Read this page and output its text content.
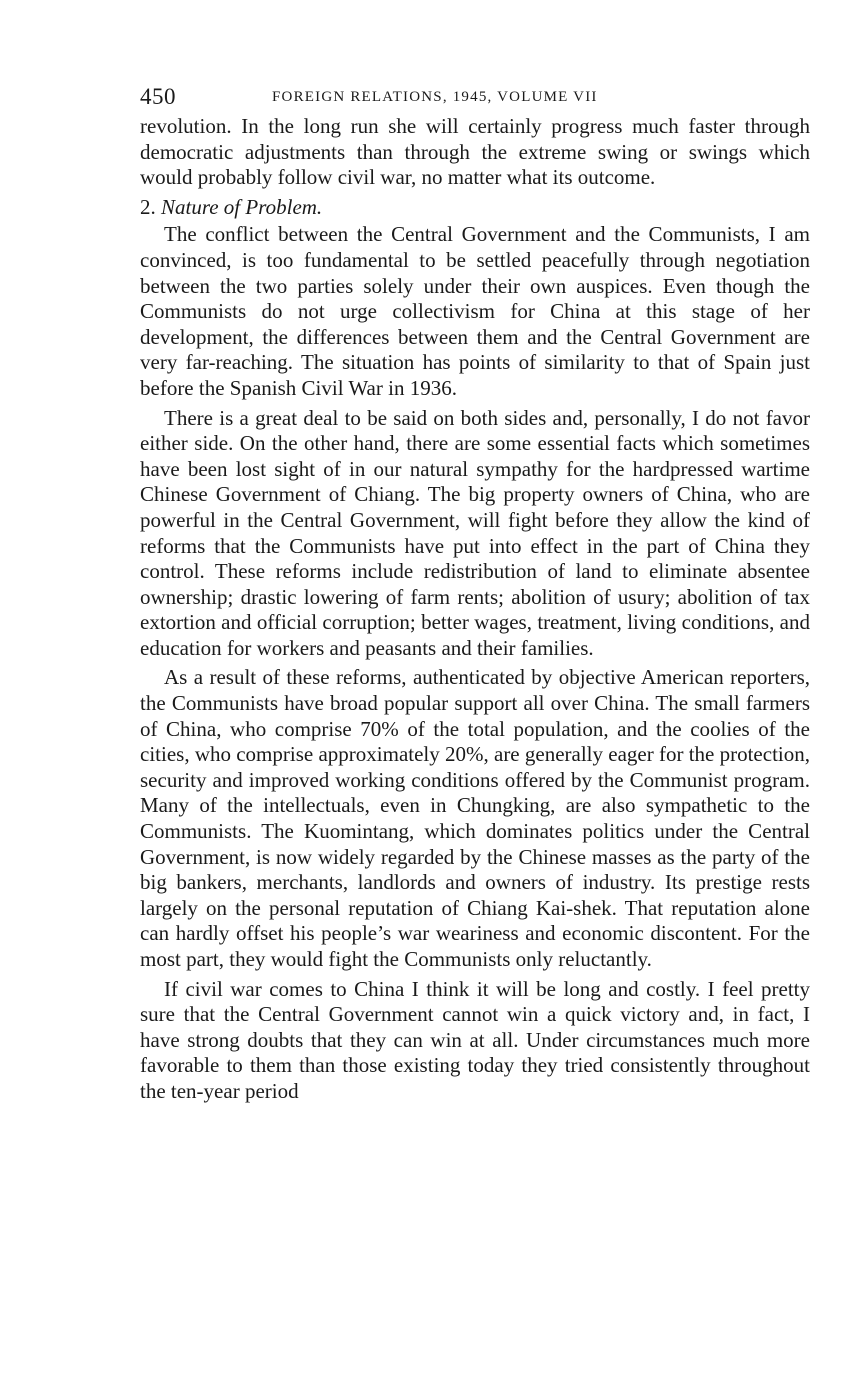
450	FOREIGN RELATIONS, 1945, VOLUME VII

revolution. In the long run she will certainly progress much faster through democratic adjustments than through the extreme swing or swings which would probably follow civil war, no matter what its outcome.

2. Nature of Problem.

The conflict between the Central Government and the Communists, I am convinced, is too fundamental to be settled peacefully through negotiation between the two parties solely under their own auspices. Even though the Communists do not urge collectivism for China at this stage of her development, the differences between them and the Central Government are very far-reaching. The situation has points of similarity to that of Spain just before the Spanish Civil War in 1936.

There is a great deal to be said on both sides and, personally, I do not favor either side. On the other hand, there are some essential facts which sometimes have been lost sight of in our natural sympathy for the hardpressed wartime Chinese Government of Chiang. The big property owners of China, who are powerful in the Central Government, will fight before they allow the kind of reforms that the Communists have put into effect in the part of China they control. These reforms include redistribution of land to eliminate absentee ownership; drastic lowering of farm rents; abolition of usury; abolition of tax extortion and official corruption; better wages, treatment, living conditions, and education for workers and peasants and their families.

As a result of these reforms, authenticated by objective American reporters, the Communists have broad popular support all over China. The small farmers of China, who comprise 70% of the total population, and the coolies of the cities, who comprise approximately 20%, are generally eager for the protection, security and improved working conditions offered by the Communist program. Many of the intellectuals, even in Chungking, are also sympathetic to the Communists. The Kuomintang, which dominates politics under the Central Government, is now widely regarded by the Chinese masses as the party of the big bankers, merchants, landlords and owners of industry. Its prestige rests largely on the personal reputation of Chiang Kai-shek. That reputation alone can hardly offset his people’s war weariness and economic discontent. For the most part, they would fight the Communists only reluctantly.

If civil war comes to China I think it will be long and costly. I feel pretty sure that the Central Government cannot win a quick victory and, in fact, I have strong doubts that they can win at all. Under circumstances much more favorable to them than those existing today they tried consistently throughout the ten-year period
